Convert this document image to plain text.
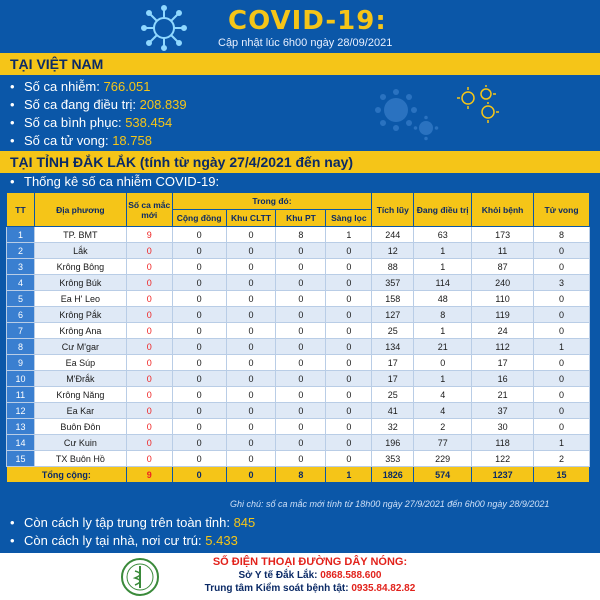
COVID-19:
Cập nhật lúc 6h00 ngày 28/09/2021
TẠI VIỆT NAM
• Số ca nhiễm: 766.051
• Số ca đang điều trị: 208.839
• Số ca bình phục: 538.454
• Số ca tử vong: 18.758
TẠI TỈNH ĐẮK LẮK (tính từ ngày 27/4/2021 đến nay)
• Thống kê số ca nhiễm COVID-19:
TT	Địa phương	Số ca mắc mới	Trong đó:				Tích lũy	Đang điều trị	Khỏi bệnh	Tử vong
			Cộng đồng	Khu CLTT	Khu PT	Sàng lọc				
1	TP. BMT	9	0	0	8	1	244	63	173	8
2	Lắk	0	0	0	0	0	12	1	11	0
3	Krông Bông	0	0	0	0	0	88	1	87	0
4	Krông Búk	0	0	0	0	0	357	114	240	3
5	Ea H' Leo	0	0	0	0	0	158	48	110	0
6	Krông Pắk	0	0	0	0	0	127	8	119	0
7	Krông Ana	0	0	0	0	0	25	1	24	0
8	Cư M'gar	0	0	0	0	0	134	21	112	1
9	Ea Súp	0	0	0	0	0	17	0	17	0
10	M'Đrắk	0	0	0	0	0	17	1	16	0
11	Krông Năng	0	0	0	0	0	25	4	21	0
12	Ea Kar	0	0	0	0	0	41	4	37	0
13	Buôn Đôn	0	0	0	0	0	32	2	30	0
14	Cư Kuin	0	0	0	0	0	196	77	118	1
15	TX Buôn Hồ	0	0	0	0	0	353	229	122	2
Tổng cộng:		9	0	0	8	1	1826	574	1237	15
Ghi chú: số ca mắc mới tính từ 18h00 ngày 27/9/2021 đến 6h00 ngày 28/9/2021
• Còn cách ly tập trung trên toàn tỉnh: 845
• Còn cách ly tại nhà, nơi cư trú: 5.433
SỐ ĐIỆN THOẠI ĐƯỜNG DÂY NÓNG:
Sở Y tế Đắk Lắk: 0868.588.600
Trung tâm Kiểm soát bệnh tật: 0935.84.82.82
